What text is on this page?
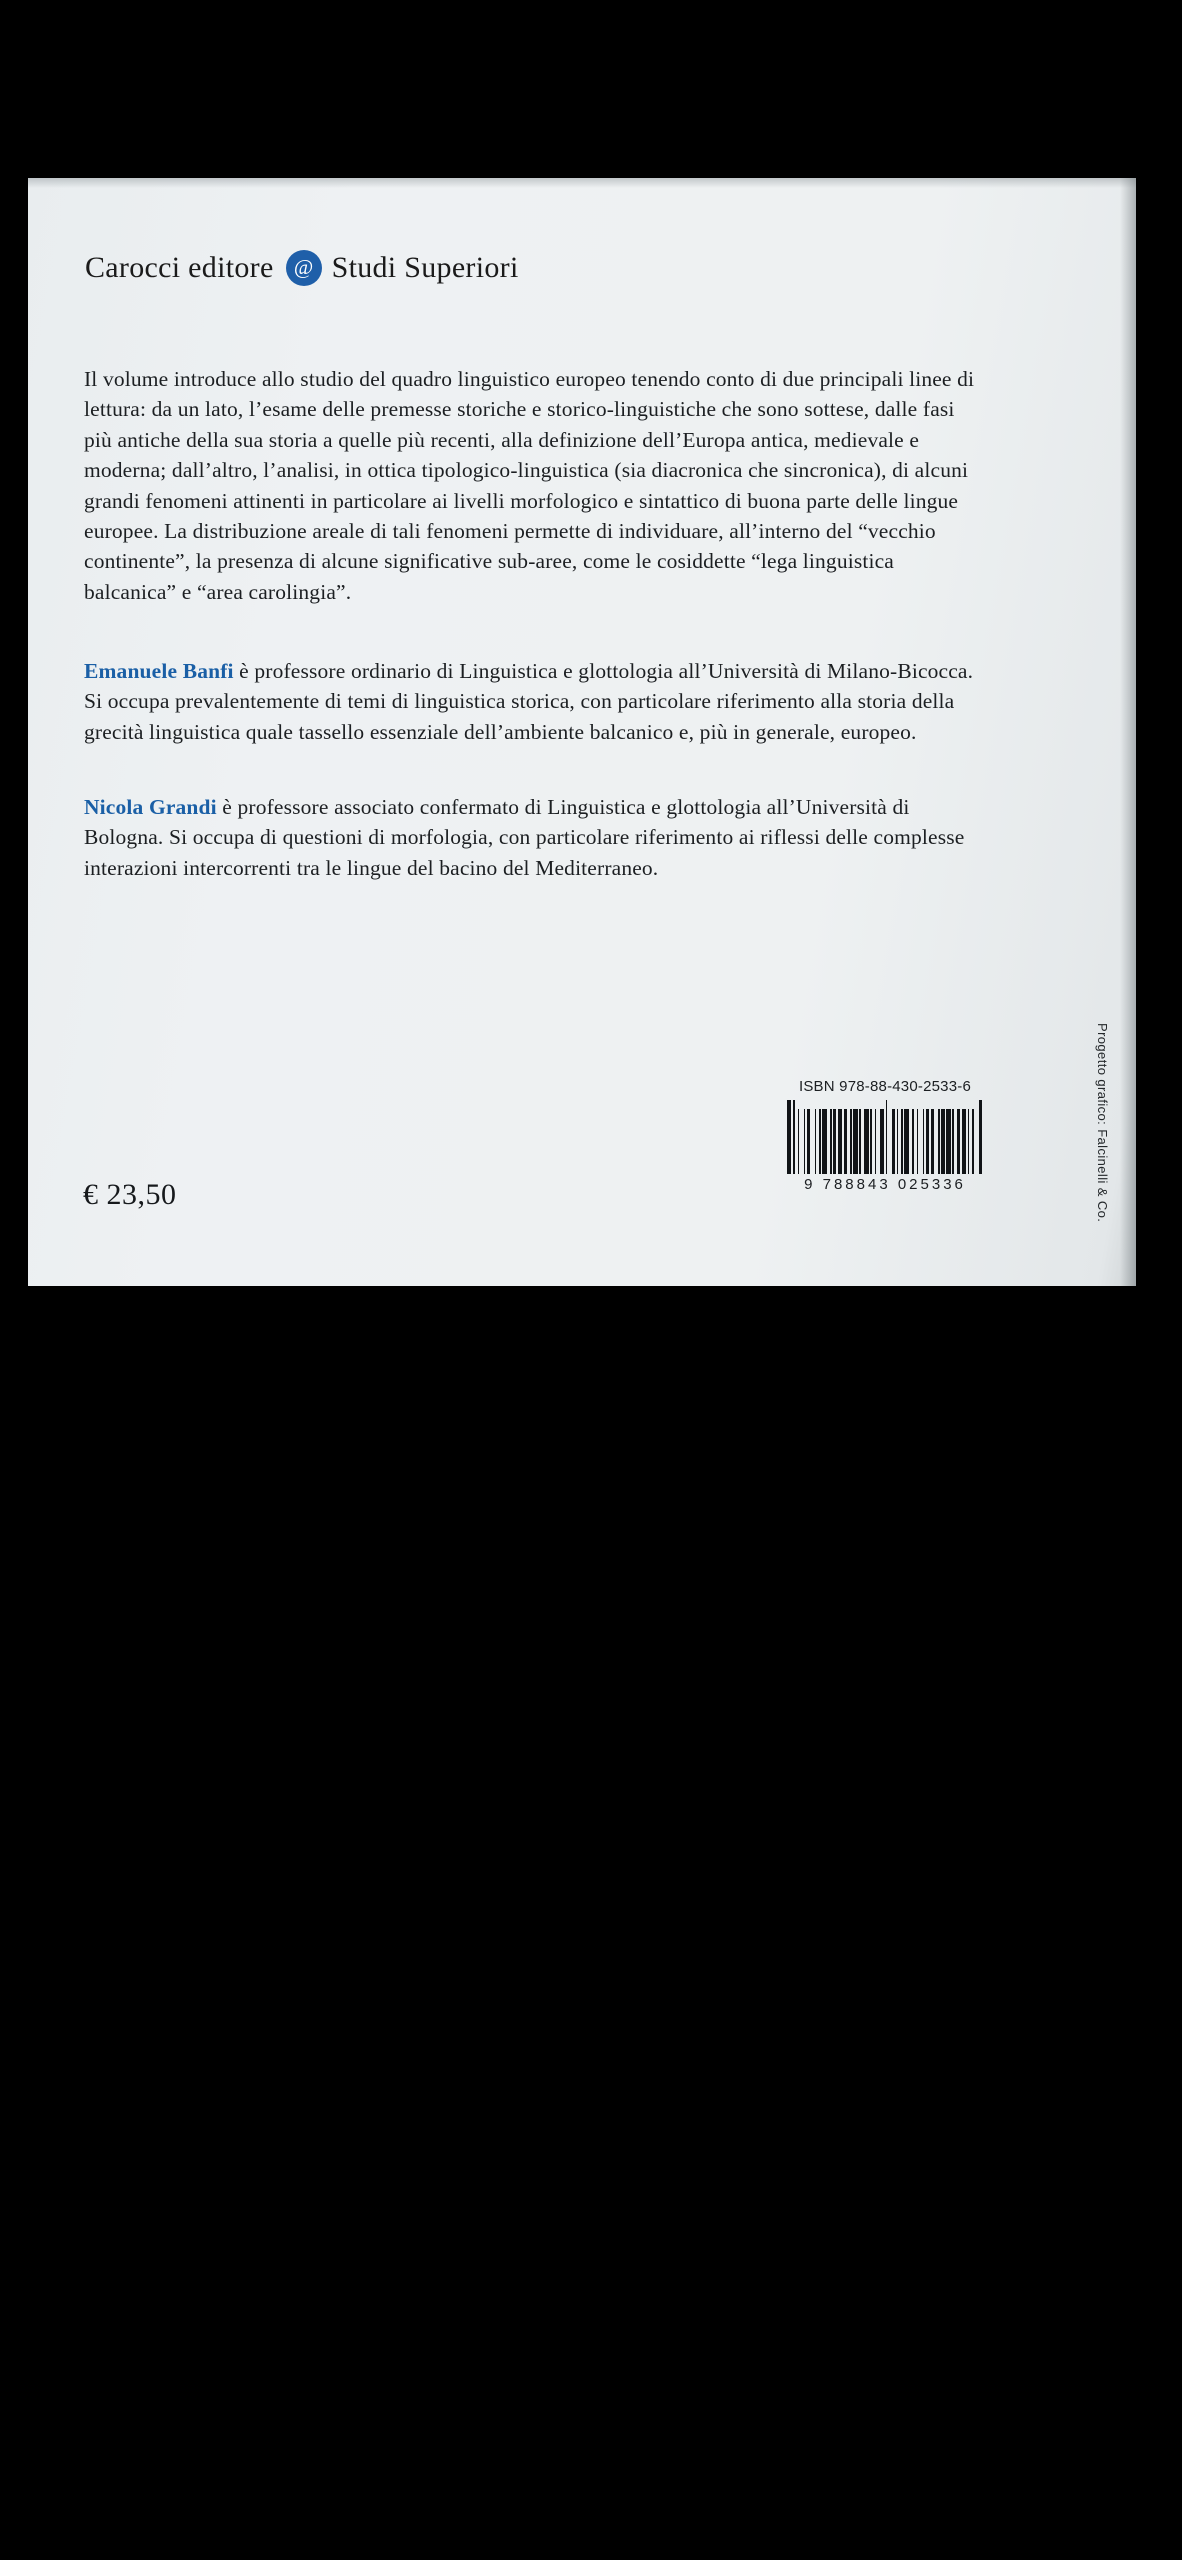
Carocci editore @ Studi Superiori
Il volume introduce allo studio del quadro linguistico europeo tenendo conto di due principali linee di lettura: da un lato, l’esame delle premesse storiche e storico-linguistiche che sono sottese, dalle fasi più antiche della sua storia a quelle più recenti, alla definizione dell’Europa antica, medievale e moderna; dall’altro, l’analisi, in ottica tipologico-linguistica (sia diacronica che sincronica), di alcuni grandi fenomeni attinenti in particolare ai livelli morfologico e sintattico di buona parte delle lingue europee. La distribuzione areale di tali fenomeni permette di individuare, all’interno del “vecchio continente”, la presenza di alcune significative sub-aree, come le cosiddette “lega linguistica balcanica” e “area carolingia”.
Emanuele Banfi è professore ordinario di Linguistica e glottologia all’Università di Milano-Bicocca. Si occupa prevalentemente di temi di linguistica storica, con particolare riferimento alla storia della grecità linguistica quale tassello essenziale dell’ambiente balcanico e, più in generale, europeo.
Nicola Grandi è professore associato confermato di Linguistica e glottologia all’Università di Bologna. Si occupa di questioni di morfologia, con particolare riferimento ai riflessi delle complesse interazioni intercorrenti tra le lingue del bacino del Mediterraneo.
ISBN 978-88-430-2533-6
9 788843 025336	Progetto grafico: Falcinelli & Co.
€ 23,50
